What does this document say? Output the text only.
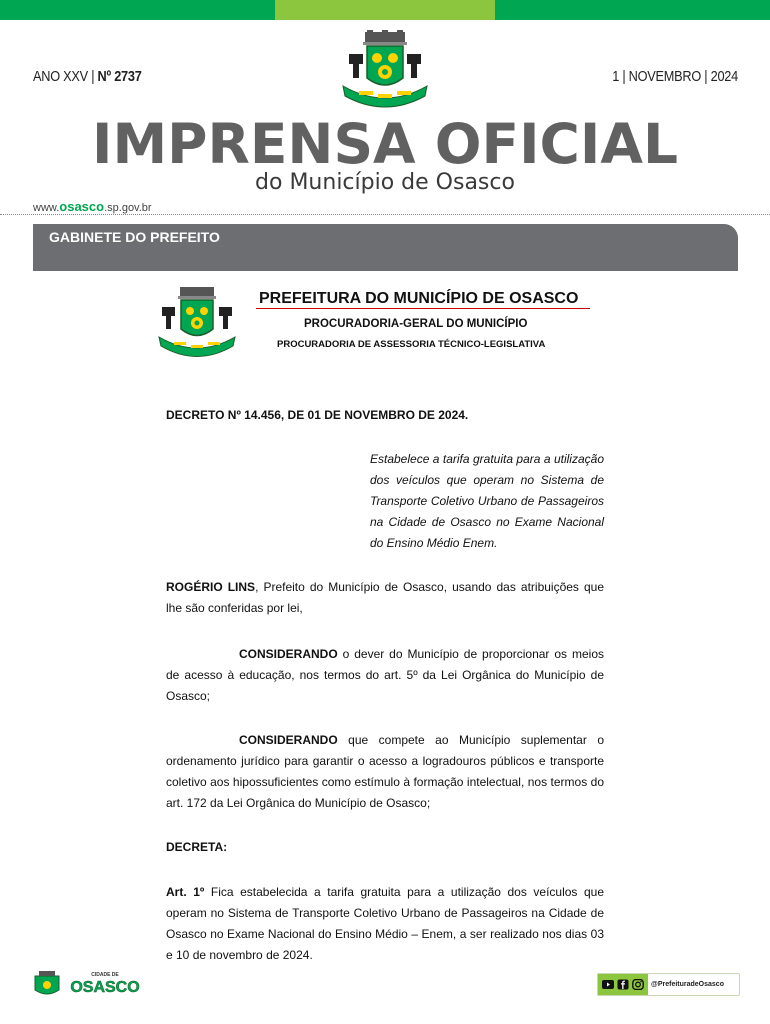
ANO XXV | Nº 2737	1 | NOVEMBRO | 2024
IMPRENSA OFICIAL
do Município de Osasco
www.osasco.sp.gov.br
GABINETE DO PREFEITO
PREFEITURA DO MUNICÍPIO DE OSASCO
PROCURADORIA-GERAL DO MUNICÍPIO
PROCURADORIA DE ASSESSORIA TÉCNICO-LEGISLATIVA
DECRETO Nº 14.456, DE 01 DE NOVEMBRO DE 2024.
Estabelece a tarifa gratuita para a utilização dos veículos que operam no Sistema de Transporte Coletivo Urbano de Passageiros na Cidade de Osasco no Exame Nacional do Ensino Médio Enem.
ROGÉRIO LINS, Prefeito do Município de Osasco, usando das atribuições que lhe são conferidas por lei,
CONSIDERANDO o dever do Município de proporcionar os meios de acesso à educação, nos termos do art. 5º da Lei Orgânica do Município de Osasco;
CONSIDERANDO que compete ao Município suplementar o ordenamento jurídico para garantir o acesso a logradouros públicos e transporte coletivo aos hipossuficientes como estímulo à formação intelectual, nos termos do art. 172 da Lei Orgânica do Município de Osasco;
DECRETA:
Art. 1º Fica estabelecida a tarifa gratuita para a utilização dos veículos que operam no Sistema de Transporte Coletivo Urbano de Passageiros na Cidade de Osasco no Exame Nacional do Ensino Médio – Enem, a ser realizado nos dias 03 e 10 de novembro de 2024.
CIDADE DE
OSASCO	@PrefeituradeOsasco
